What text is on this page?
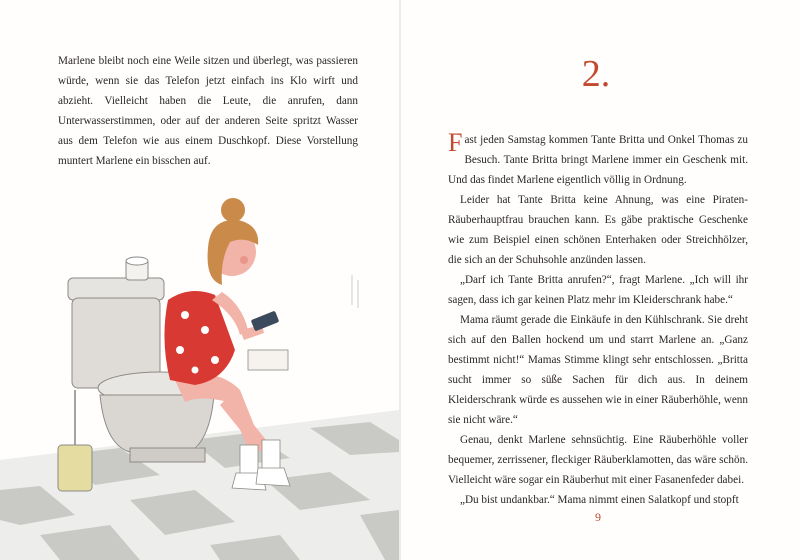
Marlene bleibt noch eine Weile sitzen und überlegt, was passieren würde, wenn sie das Telefon jetzt einfach ins Klo wirft und abzieht. Vielleicht haben die Leute, die anrufen, dann Unterwasserstimmen, oder auf der anderen Seite spritzt Wasser aus dem Telefon wie aus einem Duschkopf. Diese Vorstellung muntert Marlene ein bisschen auf.
2.

Fast jeden Samstag kommen Tante Britta und Onkel Thomas zu Besuch. Tante Britta bringt Marlene immer ein Geschenk mit. Und das findet Marlene eigentlich völlig in Ordnung.

Leider hat Tante Britta keine Ahnung, was eine Piraten-Räuberhauptfrau brauchen kann. Es gäbe praktische Geschenke wie zum Beispiel einen schönen Enterhaken oder Streichhölzer, die sich an der Schuhsohle anzünden lassen.

„Darf ich Tante Britta anrufen?“, fragt Marlene. „Ich will ihr sagen, dass ich gar keinen Platz mehr im Kleiderschrank habe.“

Mama räumt gerade die Einkäufe in den Kühlschrank. Sie dreht sich auf den Ballen hockend um und starrt Marlene an. „Ganz bestimmt nicht!“ Mamas Stimme klingt sehr entschlossen. „Britta sucht immer so süße Sachen für dich aus. In deinem Kleiderschrank würde es aussehen wie in einer Räuberhöhle, wenn sie nicht wäre.“

Genau, denkt Marlene sehnsüchtig. Eine Räuberhöhle voller bequemer, zerrissener, fleckiger Räuberklamotten, das wäre schön. Vielleicht wäre sogar ein Räuberhut mit einer Fasanenfeder dabei.

„Du bist undankbar.“ Mama nimmt einen Salatkopf und stopft

9
